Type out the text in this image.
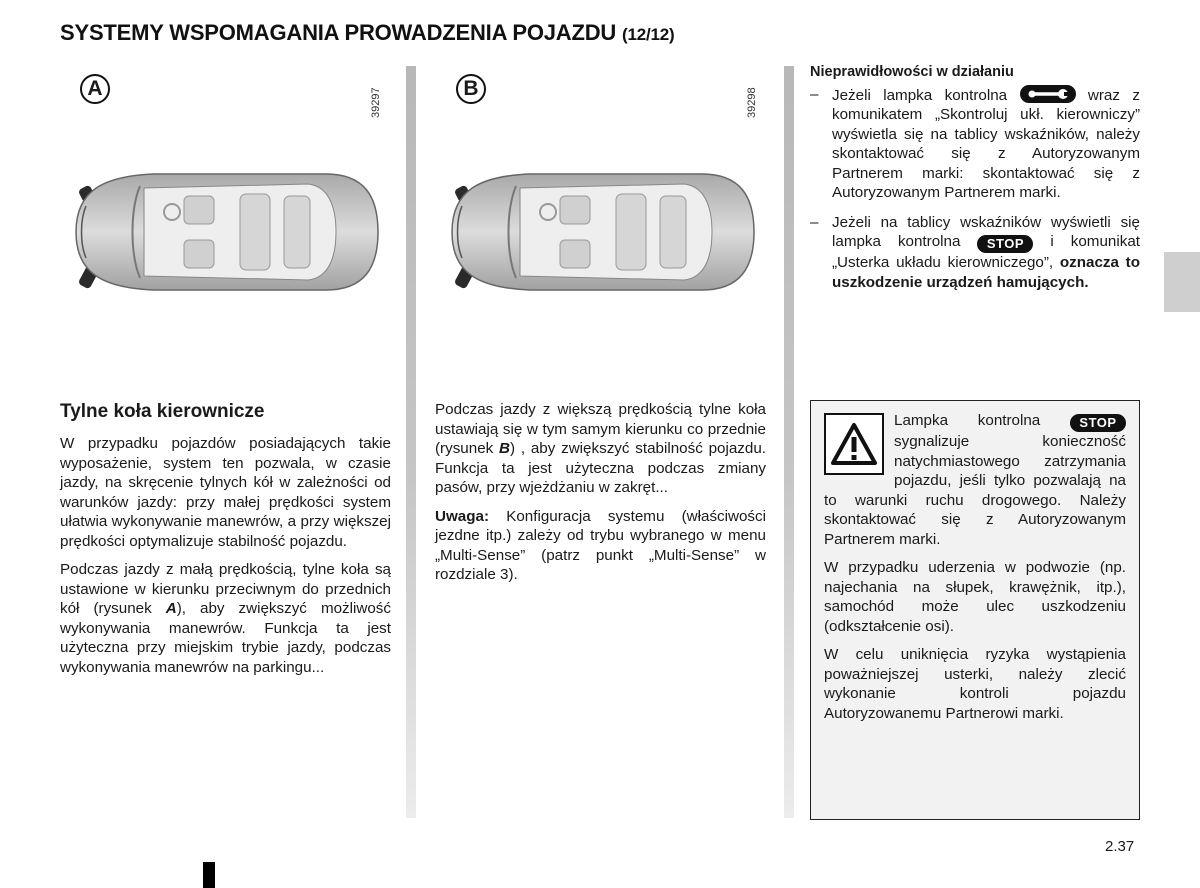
SYSTEMY WSPOMAGANIA PROWADZENIA POJAZDU (12/12)
A	39297	B	39298
Tylne koła kierownicze

W przypadku pojazdów posiadających takie wyposażenie, system ten pozwala, w czasie jazdy, na skręcenie tylnych kół w zależności od warunków jazdy: przy małej prędkości system ułatwia wykonywanie manewrów, a przy większej prędkości optymalizuje stabilność pojazdu.

Podczas jazdy z małą prędkością, tylne koła są ustawione w kierunku przeciwnym do przednich kół (rysunek A), aby zwiększyć możliwość wykonywania manewrów. Funkcja ta jest użyteczna przy miejskim trybie jazdy, podczas wykonywania manewrów na parkingu...

Podczas jazdy z większą prędkością tylne koła ustawiają się w tym samym kierunku co przednie (rysunek B) , aby zwiększyć stabilność pojazdu. Funkcja ta jest użyteczna podczas zmiany pasów, przy wjeżdżaniu w zakręt...

Uwaga: Konfiguracja systemu (właściwości jezdne itp.) zależy od trybu wybranego w menu „Multi-Sense” (patrz punkt „Multi-Sense” w rozdziale 3).

Nieprawidłowości w działaniu
– Jeżeli lampka kontrolna	wraz z komunikatem „Skontroluj ukł. kierowniczy” wyświetla się na tablicy wskaźników, należy skontaktować się z Autoryzowanym Partnerem marki: skontaktować się z Autoryzowanym Partnerem marki.
– Jeżeli na tablicy wskaźników wyświetli się lampka kontrolna STOP i komunikat „Usterka układu kierowniczego”, oznacza to uszkodzenie urządzeń hamujących.

Lampka kontrolna STOP sygnalizuje konieczność natychmiastowego zatrzymania pojazdu, jeśli tylko pozwalają na to warunki ruchu drogowego. Należy skontaktować się z Autoryzowanym Partnerem marki.

W przypadku uderzenia w podwozie (np. najechania na słupek, krawężnik, itp.), samochód może ulec uszkodzeniu (odkształcenie osi).

W celu uniknięcia ryzyka wystąpienia poważniejszej usterki, należy zlecić wykonanie kontroli pojazdu Autoryzowanemu Partnerowi marki.

2.37
